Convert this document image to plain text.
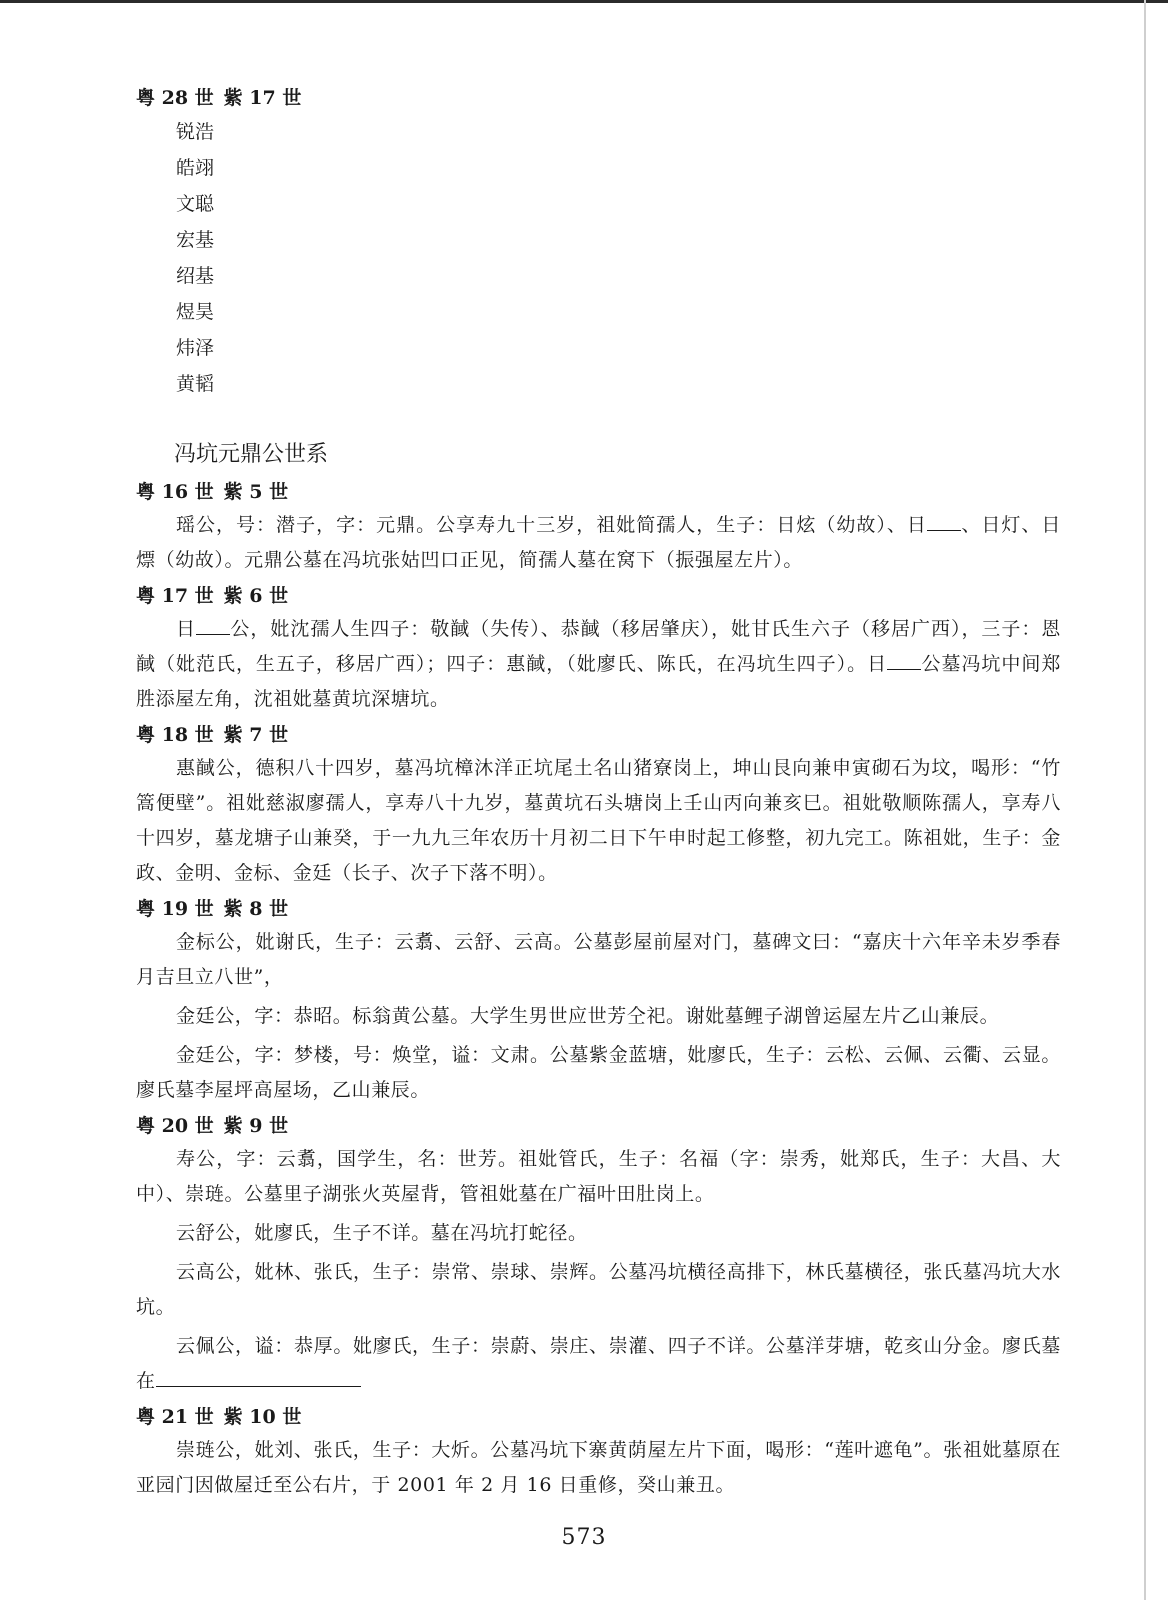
粤 28 世 紫 17 世
锐浩
皓翊
文聪
宏基
绍基
煜昊
炜泽
黄韬
冯坑元鼎公世系
粤 16 世 紫 5 世

瑶公，号：潜子，字：元鼎。公享寿九十三岁，祖妣简孺人，生子：日炫（幼故）、日 、日灯、日熛（幼故）。元鼎公墓在冯坑张姑凹口正见，简孺人墓在窝下（振强屋左片）。

粤 17 世 紫 6 世

日 公，妣沈孺人生四子：敬馘（失传）、恭馘（移居肇庆），妣甘氏生六子（移居广西），三子：恩馘（妣范氏，生五子，移居广西）；四子：惠馘，（妣廖氏、陈氏，在冯坑生四子）。日 公墓冯坑中间郑胜添屋左角，沈祖妣墓黄坑深塘坑。

粤 18 世 紫 7 世

惠馘公，德积八十四岁，墓冯坑樟沐洋正坑尾土名山猪寮岗上，坤山艮向兼申寅砌石为坟，喝形：“竹篙便壁”。祖妣慈淑廖孺人，享寿八十九岁，墓黄坑石头塘岗上壬山丙向兼亥巳。祖妣敬顺陈孺人，享寿八十四岁，墓龙塘子山兼癸，于一九九三年农历十月初二日下午申时起工修整，初九完工。陈祖妣，生子：金政、金明、金标、金廷（长子、次子下落不明）。

粤 19 世 紫 8 世

金标公，妣谢氏，生子：云翥、云舒、云高。公墓彭屋前屋对门，墓碑文曰：“嘉庆十六年辛未岁季春月吉旦立八世”，

金廷公，字：恭昭。标翁黄公墓。大学生男世应世芳仝祀。谢妣墓鲤子湖曾运屋左片乙山兼辰。

金廷公，字：梦楼，号：焕堂，谥：文肃。公墓紫金蓝塘，妣廖氏，生子：云松、云佩、云衢、云显。廖氏墓李屋坪高屋场，乙山兼辰。

粤 20 世 紫 9 世

寿公，字：云翥，国学生，名：世芳。祖妣管氏，生子：名福（字：崇秀，妣郑氏，生子：大昌、大中）、崇琏。公墓里子湖张火英屋背，管祖妣墓在广福叶田肚岗上。

云舒公，妣廖氏，生子不详。墓在冯坑打蛇径。

云高公，妣林、张氏，生子：崇常、崇球、崇辉。公墓冯坑横径高排下，林氏墓横径，张氏墓冯坑大水坑。

云佩公，谥：恭厚。妣廖氏，生子：崇蔚、崇庄、崇灌、四子不详。公墓洋芽塘，乾亥山分金。廖氏墓在

粤 21 世 紫 10 世

崇琏公，妣刘、张氏，生子：大炘。公墓冯坑下寨黄荫屋左片下面，喝形：“莲叶遮龟”。张祖妣墓原在亚园门因做屋迁至公右片，于 2001 年 2 月 16 日重修，癸山兼丑。

573
